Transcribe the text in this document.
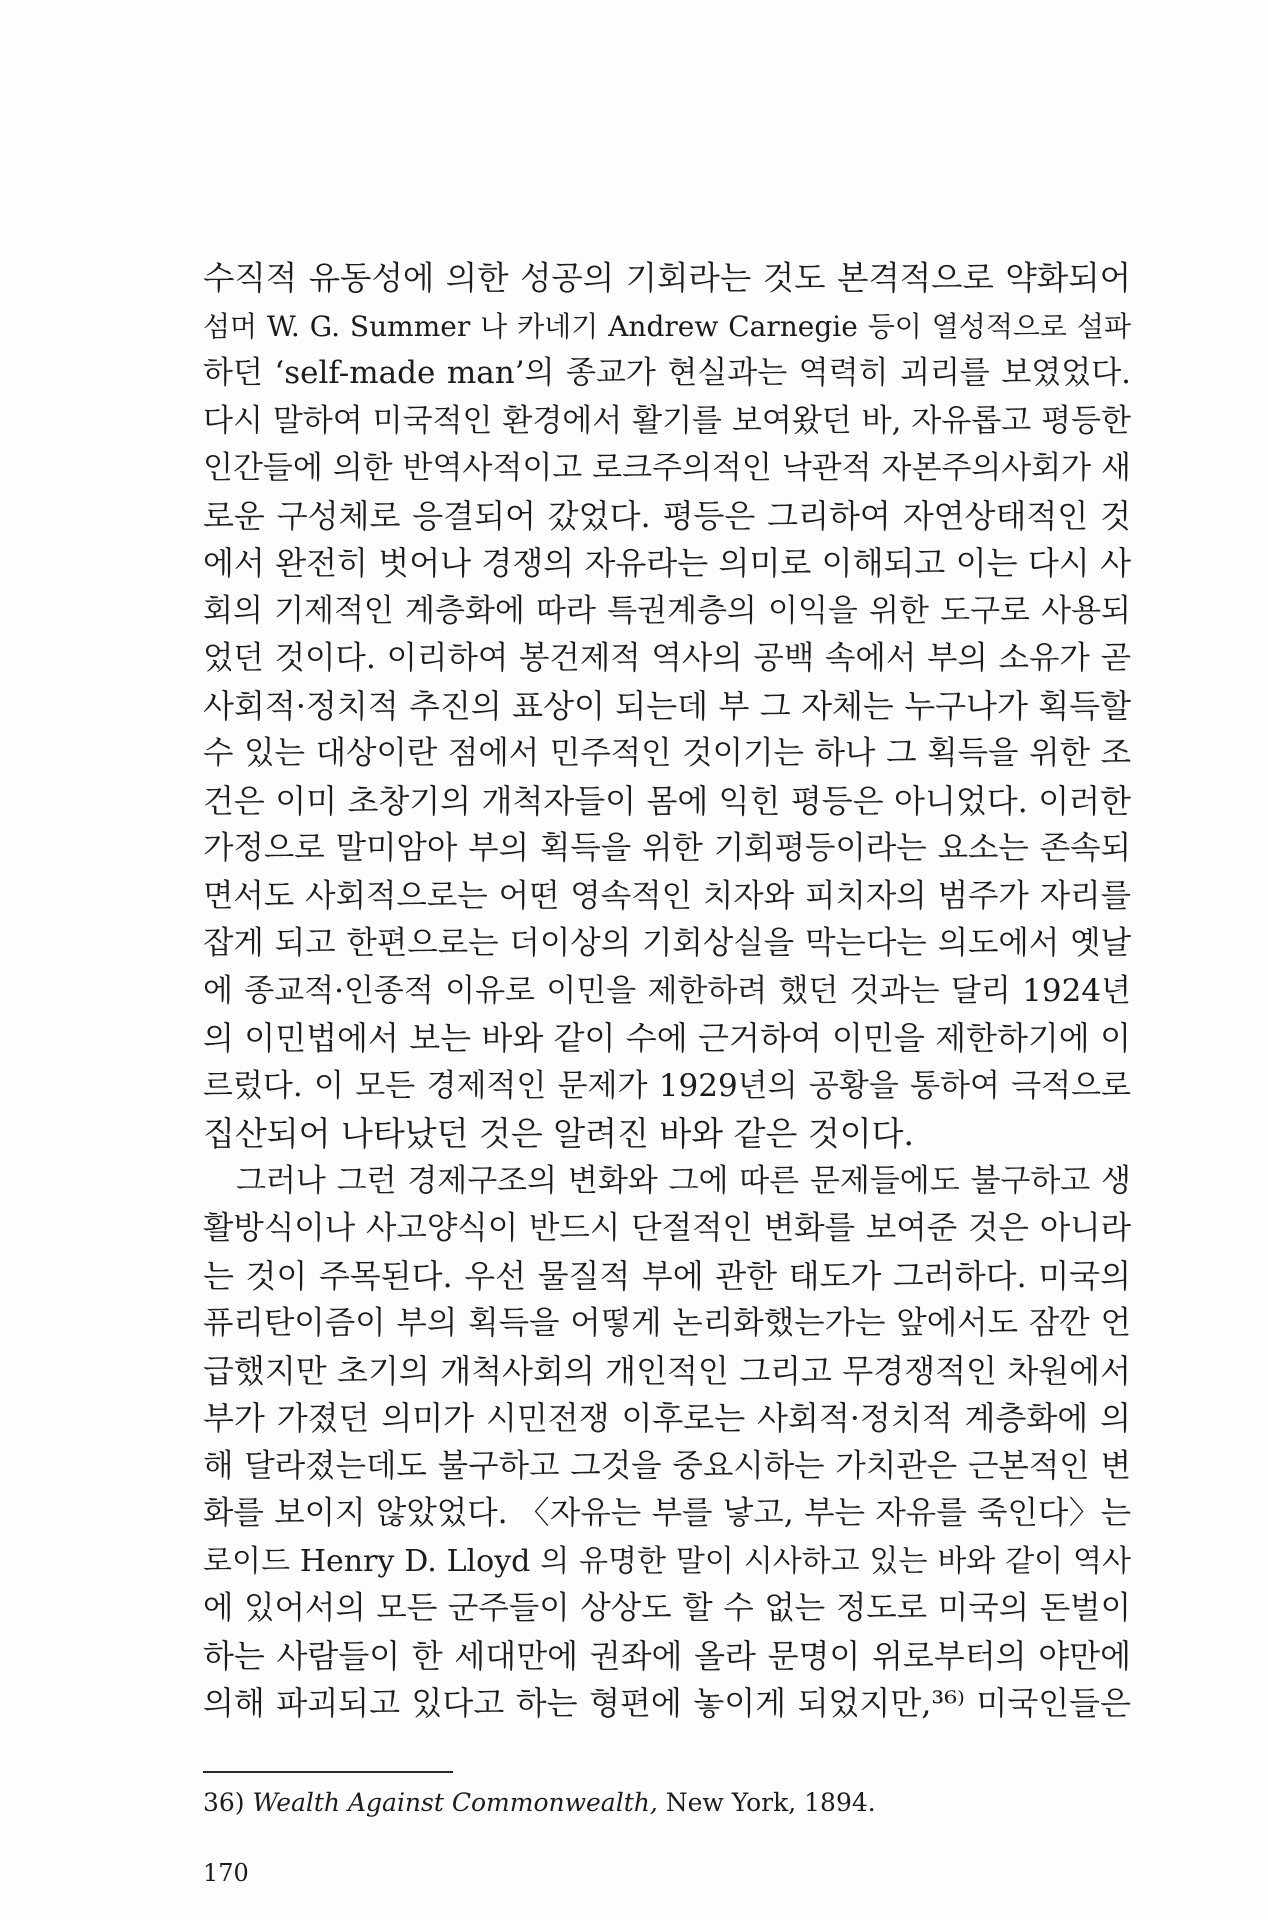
수직적 유동성에 의한 성공의 기회라는 것도 본격적으로 약화되어
섬머 W. G. Summer 나 카네기 Andrew Carnegie 등이 열성적으로 설파
하던 ‘self-made man’의 종교가 현실과는 역력히 괴리를 보였었다.
다시 말하여 미국적인 환경에서 활기를 보여왔던 바, 자유롭고 평등한
인간들에 의한 반역사적이고 로크주의적인 낙관적 자본주의사회가 새
로운 구성체로 응결되어 갔었다. 평등은 그리하여 자연상태적인 것
에서 완전히 벗어나 경쟁의 자유라는 의미로 이해되고 이는 다시 사
회의 기제적인 계층화에 따라 특권계층의 이익을 위한 도구로 사용되
었던 것이다. 이리하여 봉건제적 역사의 공백 속에서 부의 소유가 곧
사회적·정치적 추진의 표상이 되는데 부 그 자체는 누구나가 획득할
수 있는 대상이란 점에서 민주적인 것이기는 하나 그 획득을 위한 조
건은 이미 초창기의 개척자들이 몸에 익힌 평등은 아니었다. 이러한
가정으로 말미암아 부의 획득을 위한 기회평등이라는 요소는 존속되
면서도 사회적으로는 어떤 영속적인 치자와 피치자의 범주가 자리를
잡게 되고 한편으로는 더이상의 기회상실을 막는다는 의도에서 옛날
에 종교적·인종적 이유로 이민을 제한하려 했던 것과는 달리 1924년
의 이민법에서 보는 바와 같이 수에 근거하여 이민을 제한하기에 이
르렀다. 이 모든 경제적인 문제가 1929년의 공황을 통하여 극적으로
집산되어 나타났던 것은 알려진 바와 같은 것이다.
그러나 그런 경제구조의 변화와 그에 따른 문제들에도 불구하고 생
활방식이나 사고양식이 반드시 단절적인 변화를 보여준 것은 아니라
는 것이 주목된다. 우선 물질적 부에 관한 태도가 그러하다. 미국의
퓨리탄이즘이 부의 획득을 어떻게 논리화했는가는 앞에서도 잠깐 언
급했지만 초기의 개척사회의 개인적인 그리고 무경쟁적인 차원에서
부가 가졌던 의미가 시민전쟁 이후로는 사회적·정치적 계층화에 의
해 달라졌는데도 불구하고 그것을 중요시하는 가치관은 근본적인 변
화를 보이지 않았었다. 〈자유는 부를 낳고, 부는 자유를 죽인다〉는
로이드 Henry D. Lloyd 의 유명한 말이 시사하고 있는 바와 같이 역사
에 있어서의 모든 군주들이 상상도 할 수 없는 정도로 미국의 돈벌이
하는 사람들이 한 세대만에 권좌에 올라 문명이 위로부터의 야만에
의해 파괴되고 있다고 하는 형편에 놓이게 되었지만,³⁶⁾ 미국인들은
36) Wealth Against Commonwealth, New York, 1894.
170
